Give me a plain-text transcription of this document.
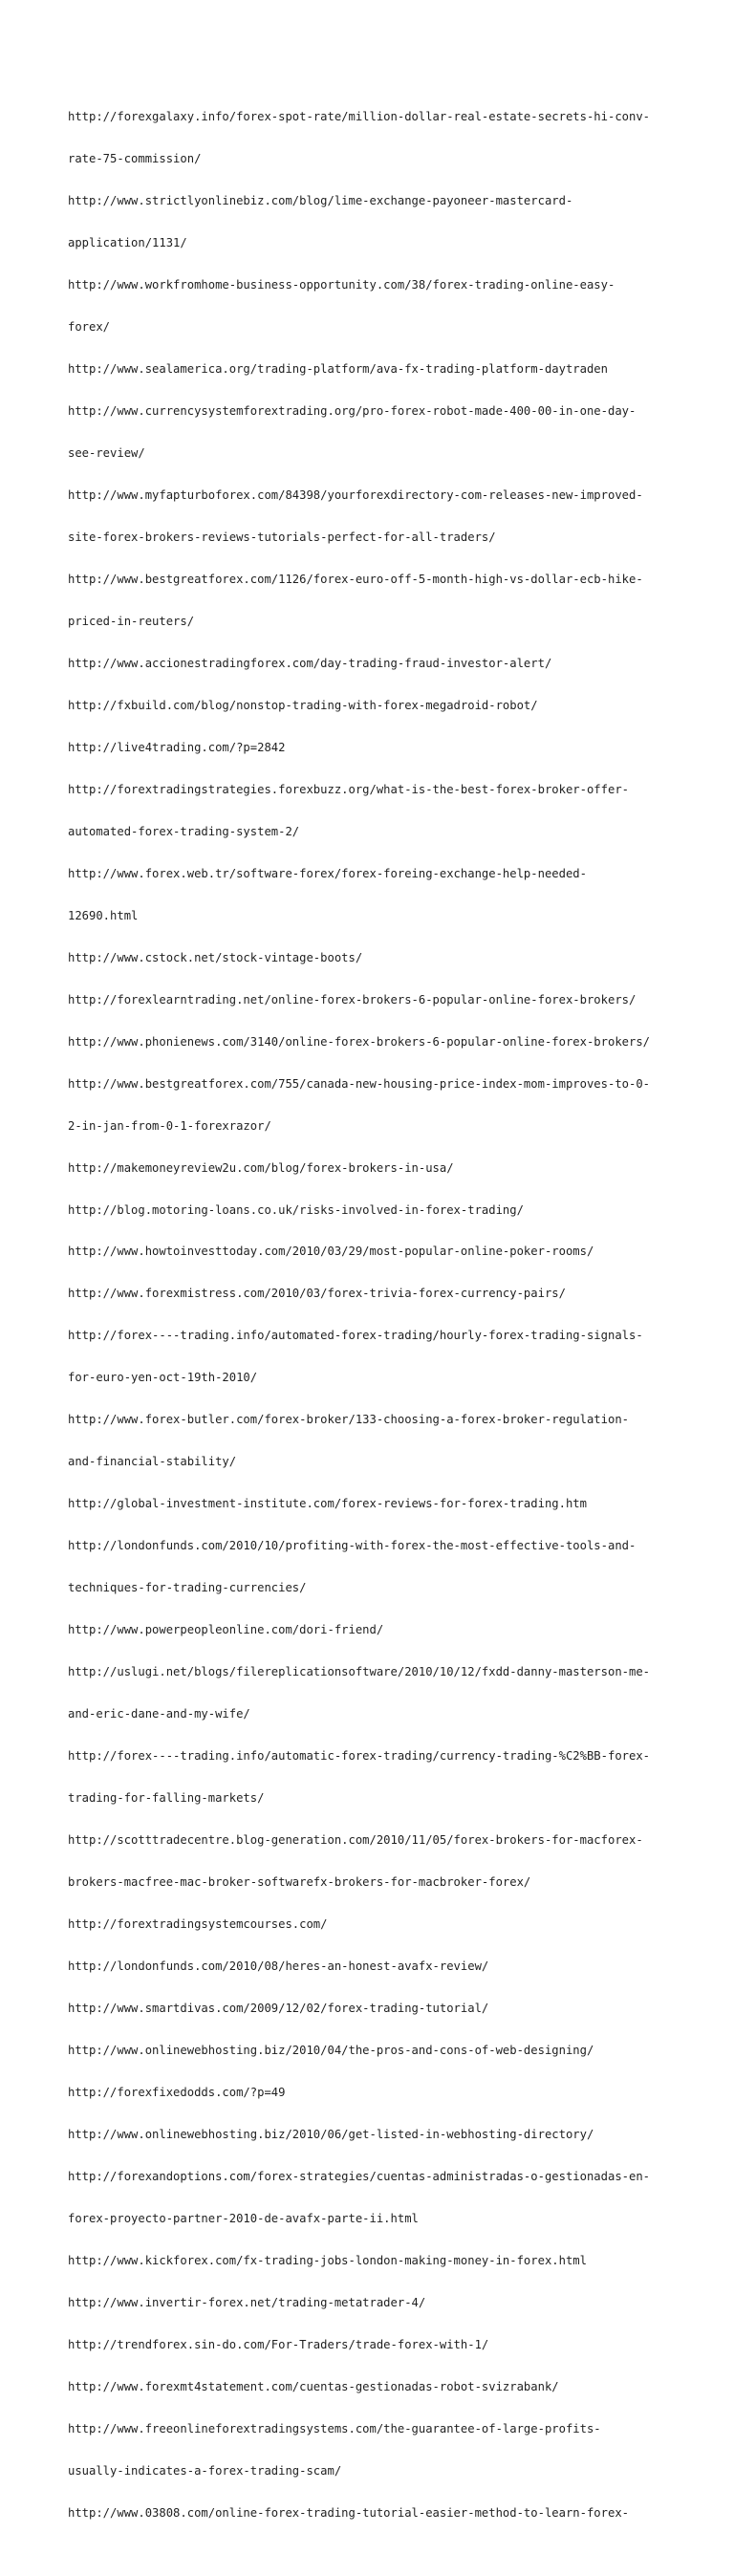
http://forexgalaxy.info/forex-spot-rate/million-dollar-real-estate-secrets-hi-conv-

rate-75-commission/

http://www.strictlyonlinebiz.com/blog/lime-exchange-payoneer-mastercard-

application/1131/

http://www.workfromhome-business-opportunity.com/38/forex-trading-online-easy-

forex/

http://www.sealamerica.org/trading-platform/ava-fx-trading-platform-daytraden

http://www.currencysystemforextrading.org/pro-forex-robot-made-400-00-in-one-day-

see-review/

http://www.myfapturboforex.com/84398/yourforexdirectory-com-releases-new-improved-

site-forex-brokers-reviews-tutorials-perfect-for-all-traders/

http://www.bestgreatforex.com/1126/forex-euro-off-5-month-high-vs-dollar-ecb-hike-

priced-in-reuters/

http://www.accionestradingforex.com/day-trading-fraud-investor-alert/

http://fxbuild.com/blog/nonstop-trading-with-forex-megadroid-robot/

http://live4trading.com/?p=2842

http://forextradingstrategies.forexbuzz.org/what-is-the-best-forex-broker-offer-

automated-forex-trading-system-2/

http://www.forex.web.tr/software-forex/forex-foreing-exchange-help-needed-

12690.html

http://www.cstock.net/stock-vintage-boots/

http://forexlearntrading.net/online-forex-brokers-6-popular-online-forex-brokers/

http://www.phonienews.com/3140/online-forex-brokers-6-popular-online-forex-brokers/

http://www.bestgreatforex.com/755/canada-new-housing-price-index-mom-improves-to-0-

2-in-jan-from-0-1-forexrazor/

http://makemoneyreview2u.com/blog/forex-brokers-in-usa/

http://blog.motoring-loans.co.uk/risks-involved-in-forex-trading/

http://www.howtoinvesttoday.com/2010/03/29/most-popular-online-poker-rooms/

http://www.forexmistress.com/2010/03/forex-trivia-forex-currency-pairs/

http://forex----trading.info/automated-forex-trading/hourly-forex-trading-signals-

for-euro-yen-oct-19th-2010/

http://www.forex-butler.com/forex-broker/133-choosing-a-forex-broker-regulation-

and-financial-stability/

http://global-investment-institute.com/forex-reviews-for-forex-trading.htm

http://londonfunds.com/2010/10/profiting-with-forex-the-most-effective-tools-and-

techniques-for-trading-currencies/

http://www.powerpeopleonline.com/dori-friend/

http://uslugi.net/blogs/filereplicationsoftware/2010/10/12/fxdd-danny-masterson-me-

and-eric-dane-and-my-wife/

http://forex----trading.info/automatic-forex-trading/currency-trading-%C2%BB-forex-

trading-for-falling-markets/

http://scotttradecentre.blog-generation.com/2010/11/05/forex-brokers-for-macforex-

brokers-macfree-mac-broker-softwarefx-brokers-for-macbroker-forex/

http://forextradingsystemcourses.com/

http://londonfunds.com/2010/08/heres-an-honest-avafx-review/

http://www.smartdivas.com/2009/12/02/forex-trading-tutorial/

http://www.onlinewebhosting.biz/2010/04/the-pros-and-cons-of-web-designing/

http://forexfixedodds.com/?p=49

http://www.onlinewebhosting.biz/2010/06/get-listed-in-webhosting-directory/

http://forexandoptions.com/forex-strategies/cuentas-administradas-o-gestionadas-en-

forex-proyecto-partner-2010-de-avafx-parte-ii.html

http://www.kickforex.com/fx-trading-jobs-london-making-money-in-forex.html

http://www.invertir-forex.net/trading-metatrader-4/

http://trendforex.sin-do.com/For-Traders/trade-forex-with-1/

http://www.forexmt4statement.com/cuentas-gestionadas-robot-svizrabank/

http://www.freeonlineforextradingsystems.com/the-guarantee-of-large-profits-

usually-indicates-a-forex-trading-scam/

http://www.03808.com/online-forex-trading-tutorial-easier-method-to-learn-forex-
